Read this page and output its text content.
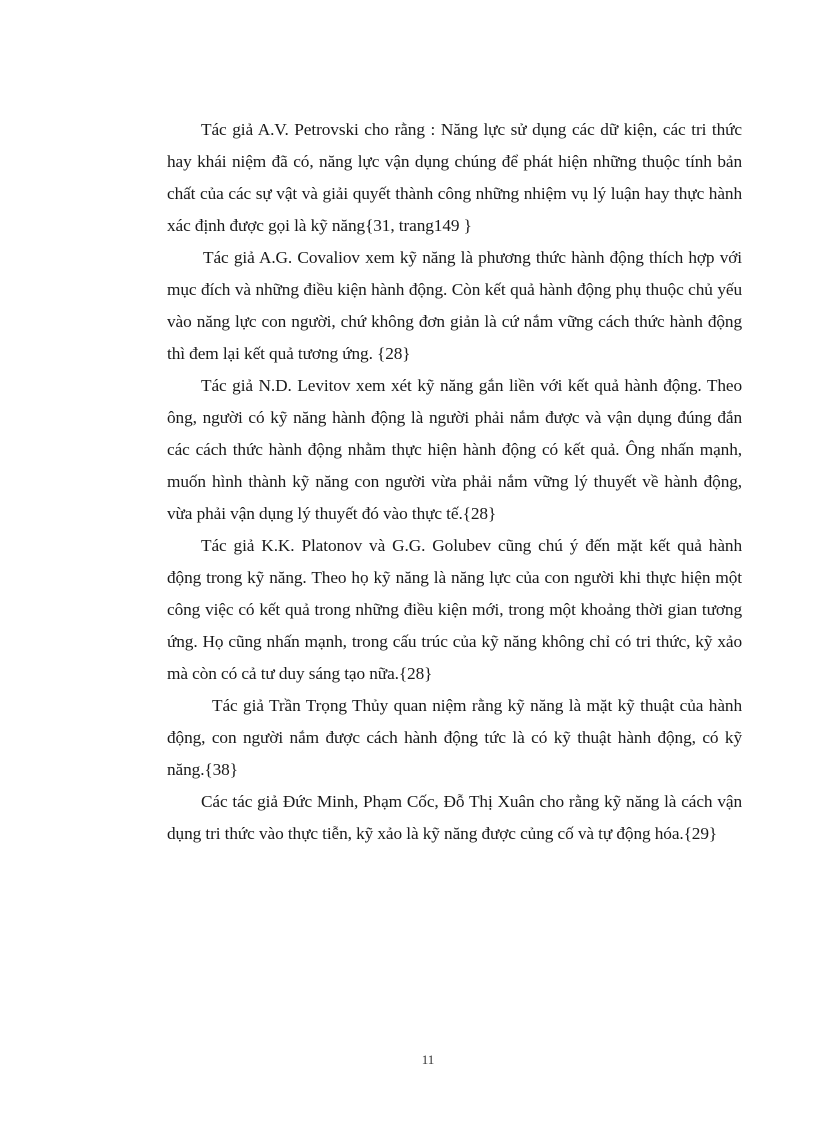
Tác giả A.V. Petrovski cho rằng : Năng lực sử dụng các dữ kiện, các tri thức hay khái niệm đã có, năng lực vận dụng chúng để phát hiện những thuộc tính bản chất của các sự vật và giải quyết thành công những nhiệm vụ lý luận hay thực hành xác định được gọi là kỹ năng{31, trang149 }

Tác giả A.G. Covaliov xem kỹ năng là phương thức hành động thích hợp với mục đích và những điều kiện hành động. Còn kết quả hành động phụ thuộc chủ yếu vào năng lực con người, chứ không đơn giản là cứ nắm vững cách thức hành động thì đem lại kết quả tương ứng. {28}

Tác giả N.D. Levitov xem xét kỹ năng gắn liền với kết quả hành động. Theo ông, người có kỹ năng hành động là người phải nắm được và vận dụng đúng đắn các cách thức hành động nhằm thực hiện hành động có kết quả. Ông nhấn mạnh, muốn hình thành kỹ năng con người vừa phải nắm vững lý thuyết về hành động, vừa phải vận dụng lý thuyết đó vào thực tế.{28}

Tác giả K.K. Platonov và G.G. Golubev cũng chú ý đến mặt kết quả hành động trong kỹ năng. Theo họ kỹ năng là năng lực của con người khi thực hiện một công việc có kết quả trong những điều kiện mới, trong một khoảng thời gian tương ứng. Họ cũng nhấn mạnh, trong cấu trúc của kỹ năng không chỉ có tri thức, kỹ xảo mà còn có cả tư duy sáng tạo nữa.{28}

Tác giả Trần Trọng Thủy quan niệm rằng kỹ năng là mặt kỹ thuật của hành động, con người nắm được cách hành động tức là có kỹ thuật hành động, có kỹ năng.{38}

Các tác giả Đức Minh, Phạm Cốc, Đỗ Thị Xuân cho rằng kỹ năng là cách vận dụng tri thức vào thực tiễn, kỹ xảo là kỹ năng được củng cố và tự động hóa.{29}

11
